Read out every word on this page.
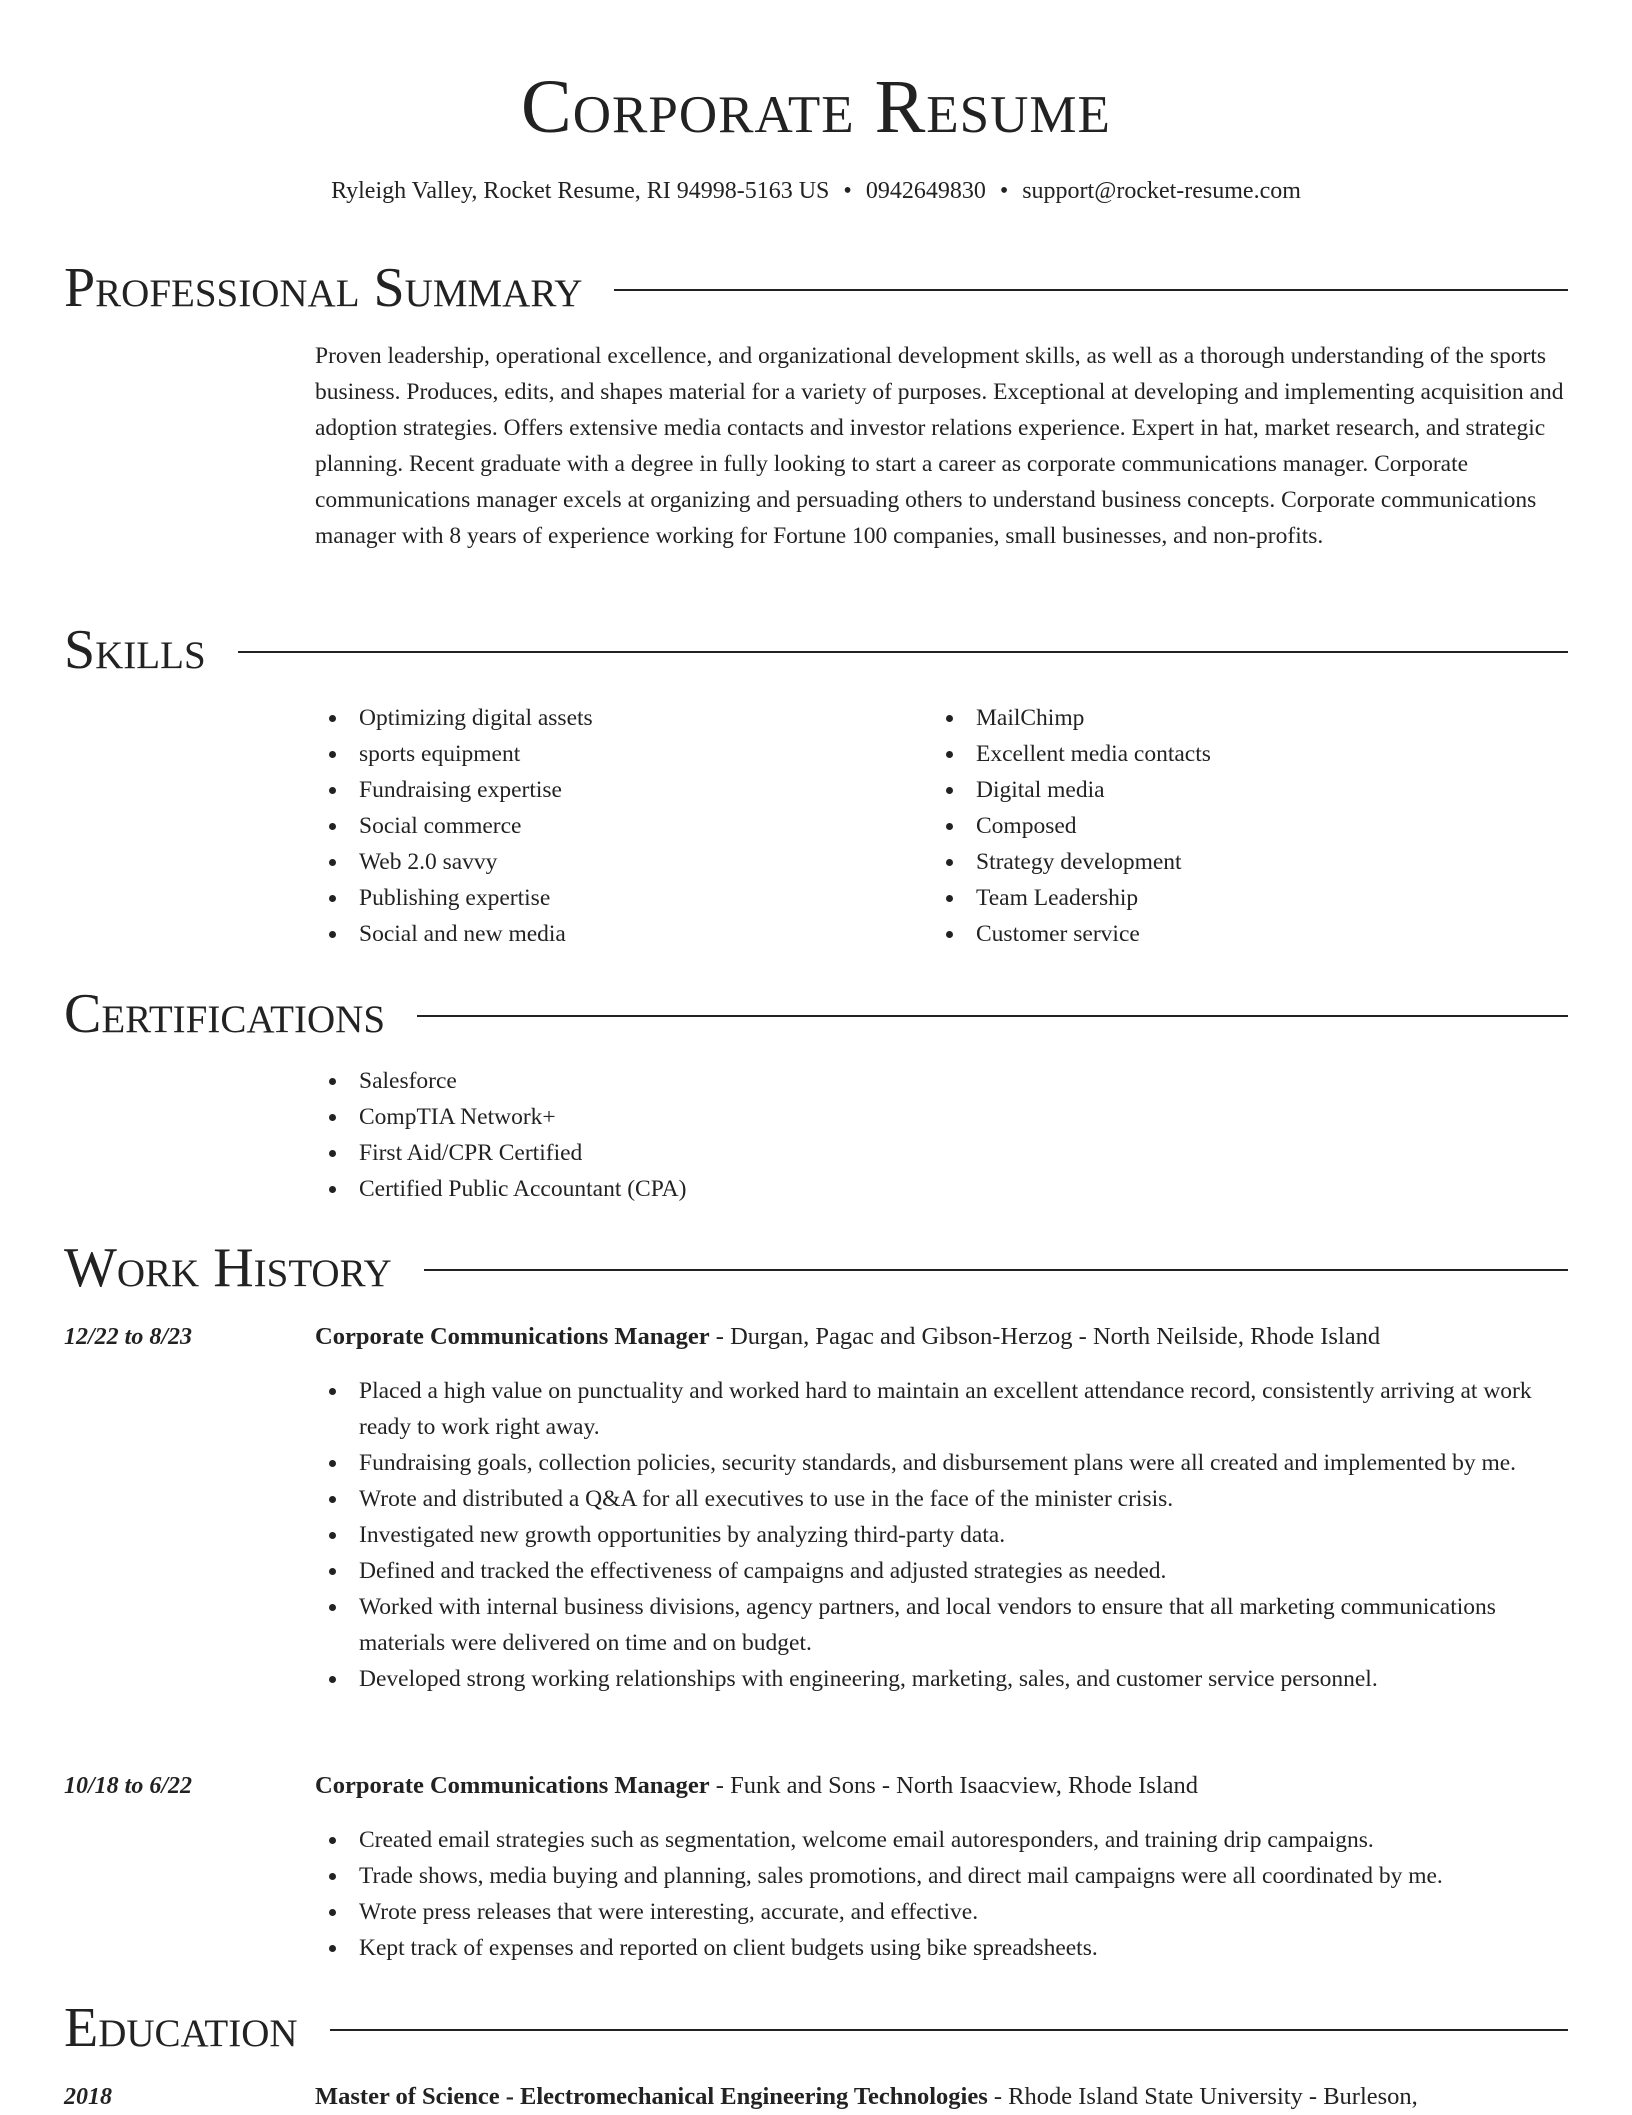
Corporate Resume
Ryleigh Valley, Rocket Resume, RI 94998-5163 US • 0942649830 • support@rocket-resume.com
Professional Summary

Proven leadership, operational excellence, and organizational development skills, as well as a thorough understanding of the sports business. Produces, edits, and shapes material for a variety of purposes. Exceptional at developing and implementing acquisition and adoption strategies. Offers extensive media contacts and investor relations experience. Expert in hat, market research, and strategic planning. Recent graduate with a degree in fully looking to start a career as corporate communications manager. Corporate communications manager excels at organizing and persuading others to understand business concepts. Corporate communications manager with 8 years of experience working for Fortune 100 companies, small businesses, and non-profits.

Skills
Optimizing digital assets
sports equipment
Fundraising expertise
Social commerce
Web 2.0 savvy
Publishing expertise
Social and new media
MailChimp
Excellent media contacts
Digital media
Composed
Strategy development
Team Leadership
Customer service
Certifications
Salesforce
CompTIA Network+
First Aid/CPR Certified
Certified Public Accountant (CPA)
Work History
12/22 to 8/23	Corporate Communications Manager - Durgan, Pagac and Gibson-Herzog - North Neilside, Rhode Island
Placed a high value on punctuality and worked hard to maintain an excellent attendance record, consistently arriving at work ready to work right away.
Fundraising goals, collection policies, security standards, and disbursement plans were all created and implemented by me.
Wrote and distributed a Q&A for all executives to use in the face of the minister crisis.
Investigated new growth opportunities by analyzing third-party data.
Defined and tracked the effectiveness of campaigns and adjusted strategies as needed.
Worked with internal business divisions, agency partners, and local vendors to ensure that all marketing communications materials were delivered on time and on budget.
Developed strong working relationships with engineering, marketing, sales, and customer service personnel.
10/18 to 6/22	Corporate Communications Manager - Funk and Sons - North Isaacview, Rhode Island
Created email strategies such as segmentation, welcome email autoresponders, and training drip campaigns.
Trade shows, media buying and planning, sales promotions, and direct mail campaigns were all coordinated by me.
Wrote press releases that were interesting, accurate, and effective.
Kept track of expenses and reported on client budgets using bike spreadsheets.
Education
2018	Master of Science - Electromechanical Engineering Technologies - Rhode Island State University - Burleson,
